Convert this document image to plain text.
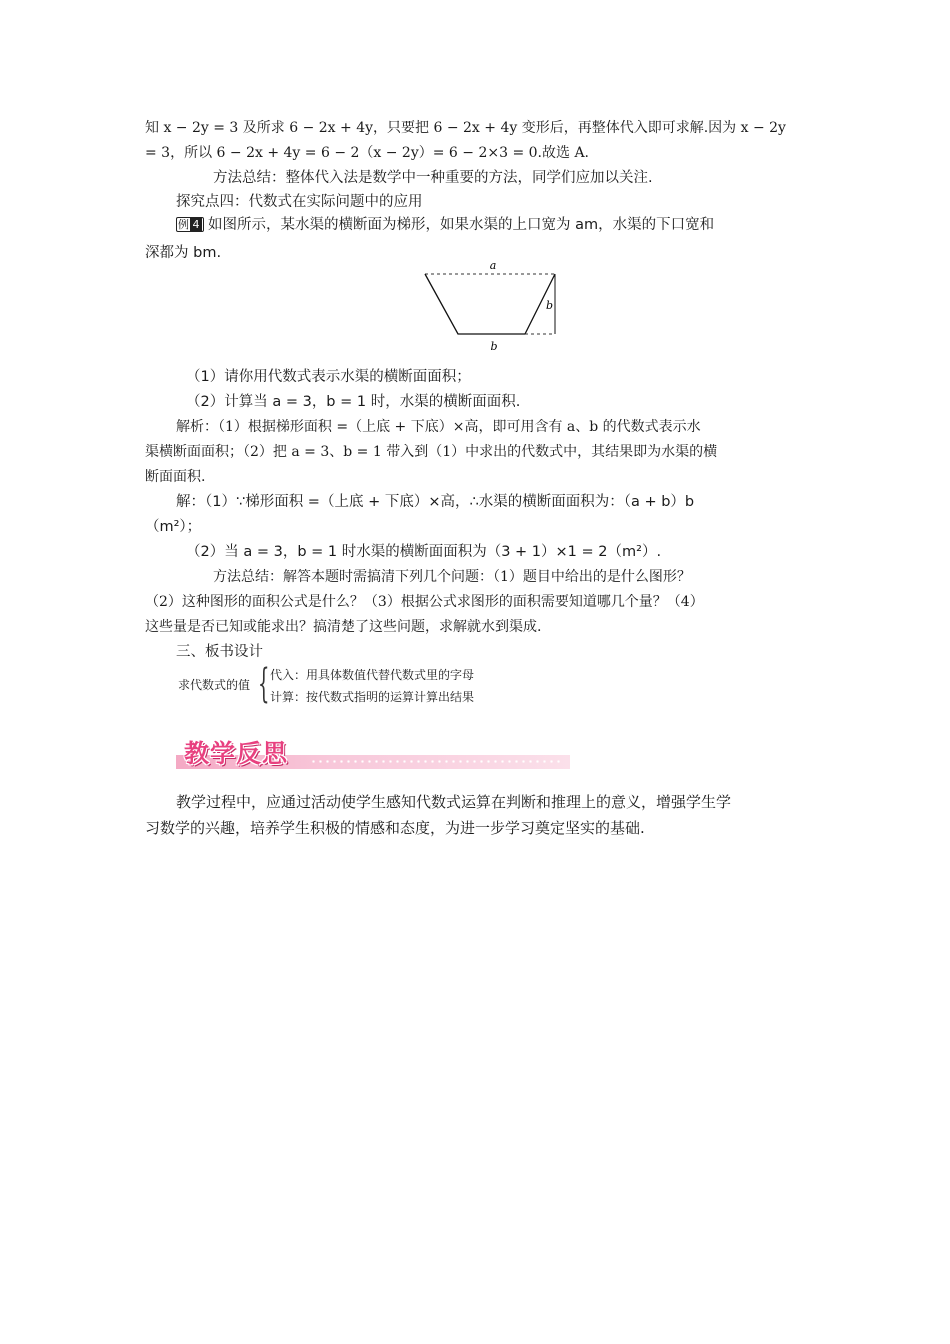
知 x − 2y = 3 及所求 6 − 2x + 4y，只要把 6 − 2x + 4y 变形后，再整体代入即可求解.因为 x − 2y
= 3，所以 6 − 2x + 4y = 6 − 2（x − 2y）= 6 − 2×3 = 0.故选 A.
方法总结：整体代入法是数学中一种重要的方法，同学们应加以关注.
探究点四：代数式在实际问题中的应用
例 4 如图所示，某水渠的横断面为梯形，如果水渠的上口宽为 am，水渠的下口宽和
深都为 bm.
a
b
b
（1）请你用代数式表示水渠的横断面面积；
（2）计算当 a = 3，b = 1 时，水渠的横断面面积.
解析：（1）根据梯形面积 =（上底 + 下底）×高，即可用含有 a、b 的代数式表示水
渠横断面面积；（2）把 a = 3、b = 1 带入到（1）中求出的代数式中，其结果即为水渠的横
断面面积.
解：（1）∵梯形面积 =（上底 + 下底）×高，∴水渠的横断面面积为：（a + b）b
（m²）；
（2）当 a = 3，b = 1 时水渠的横断面面积为（3 + 1）×1 = 2（m²）.
方法总结：解答本题时需搞清下列几个问题：（1）题目中给出的是什么图形？
（2）这种图形的面积公式是什么？（3）根据公式求图形的面积需要知道哪几个量？（4）
这些量是否已知或能求出？搞清楚了这些问题，求解就水到渠成.
三、板书设计
求代数式的值 { 代入：用具体数值代替代数式里的字母
计算：按代数式指明的运算计算出结果
教学反思
教学过程中，应通过活动使学生感知代数式运算在判断和推理上的意义，增强学生学
习数学的兴趣，培养学生积极的情感和态度，为进一步学习奠定坚实的基础.
